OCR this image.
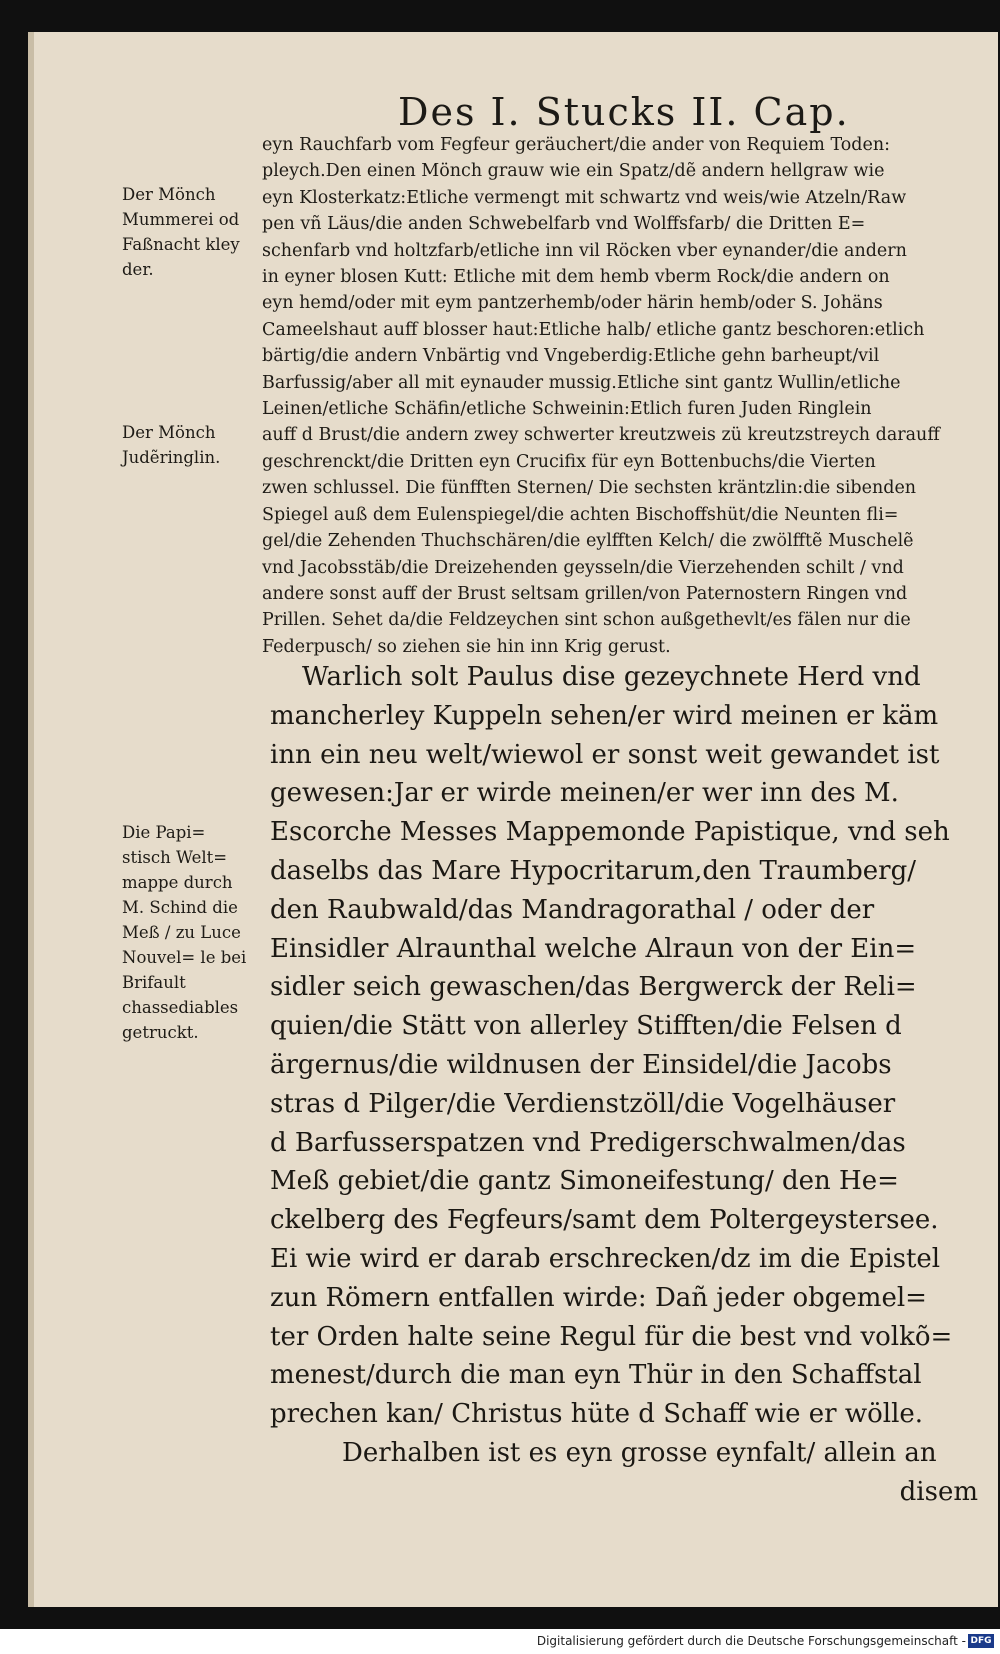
Des I. Stucks II. Cap.
eyn Rauchfarb vom Fegfeur geräuchert/die ander von Requiem Toden:
pleych.Den einen Mönch grauw wie ein Spatz/dẽ andern hellgraw wie
eyn Klosterkatz:Etliche vermengt mit schwartz vnd weis/wie Atzeln/Raw
pen vñ Läus/die anden Schwebelfarb vnd Wolffsfarb/ die Dritten E=
schenfarb vnd holtzfarb/etliche inn vil Röcken vber eynander/die andern
in eyner blosen Kutt: Etliche mit dem hemb vberm Rock/die andern on
eyn hemd/oder mit eym pantzerhemb/oder härin hemb/oder S. Johäns
Cameelshaut auff blosser haut:Etliche halb/ etliche gantz beschoren:etlich
bärtig/die andern Vnbärtig vnd Vngeberdig:Etliche gehn barheupt/vil
Barfussig/aber all mit eynauder mussig.Etliche sint gantz Wullin/etliche
Leinen/etliche Schäfin/etliche Schweinin:Etlich furen Juden Ringlein
auff d Brust/die andern zwey schwerter kreutzweis zü kreutzstreych darauff
geschrenckt/die Dritten eyn Crucifix für eyn Bottenbuchs/die Vierten
zwen schlussel. Die fünfften Sternen/ Die sechsten kräntzlin:die sibenden
Spiegel auß dem Eulenspiegel/die achten Bischoffshüt/die Neunten fli=
gel/die Zehenden Thuchschären/die eylfften Kelch/ die zwölfftẽ Muschelẽ
vnd Jacobsstäb/die Dreizehenden geysseln/die Vierzehenden schilt / vnd
andere sonst auff der Brust seltsam grillen/von Paternostern Ringen vnd
Prillen. Sehet da/die Feldzeychen sint schon außgethevlt/es fälen nur die
Federpusch/ so ziehen sie hin inn Krig gerust.
Warlich solt Paulus dise gezeychnete Herd vnd
mancherley Kuppeln sehen/er wird meinen er käm
inn ein neu welt/wiewol er sonst weit gewandet ist
gewesen:Jar er wirde meinen/er wer inn des M.
Escorche Messes Mappemonde Papistique, vnd seh
daselbs das Mare Hypocritarum,den Traumberg/
den Raubwald/das Mandragorathal / oder der
Einsidler Alraunthal welche Alraun von der Ein=
sidler seich gewaschen/das Bergwerck der Reli=
quien/die Stätt von allerley Stifften/die Felsen d
ärgernus/die wildnusen der Einsidel/die Jacobs
stras d Pilger/die Verdienstzöll/die Vogelhäuser
d Barfusserspatzen vnd Predigerschwalmen/das
Meß gebiet/die gantz Simoneifestung/ den He=
ckelberg des Fegfeurs/samt dem Poltergeystersee.
Ei wie wird er darab erschrecken/dz im die Epistel
zun Römern entfallen wirde: Dañ jeder obgemel=
ter Orden halte seine Regul für die best vnd volkõ=
menest/durch die man eyn Thür in den Schaffstal
prechen kan/ Christus hüte d Schaff wie er wölle.
Derhalben ist es eyn grosse eynfalt/ allein an
disem
Der Mönch Mummerei od Faßnacht kley der.
Der Mönch Judẽringlin.
Die Papi= stisch Welt= mappe durch M. Schind die Meß / zu Luce Nouvel= le bei Brifault chassediables getruckt.
Digitalisierung gefördert durch die Deutsche Forschungsgemeinschaft - DFG
